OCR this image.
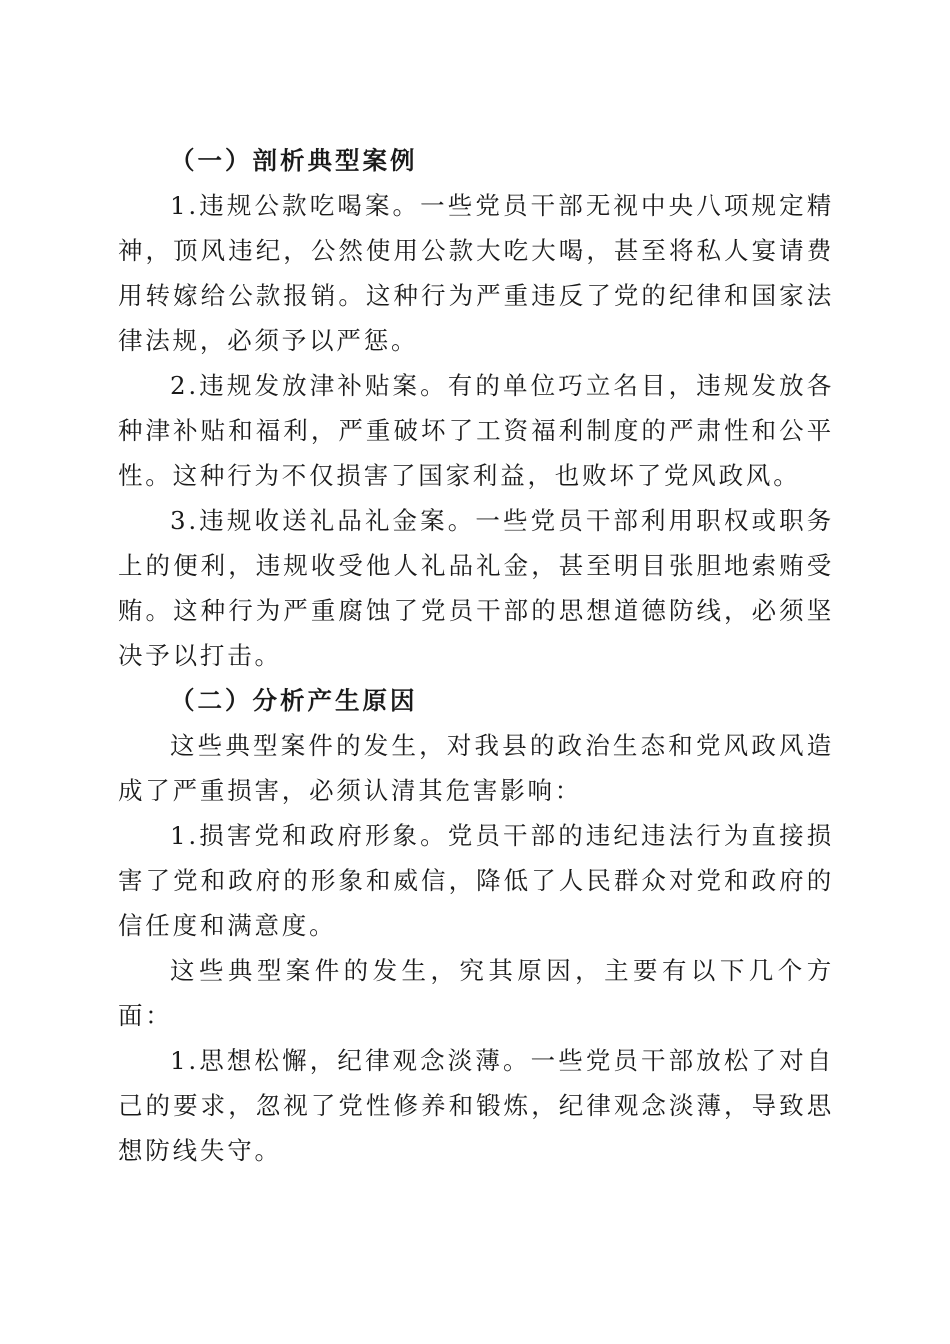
（一）剖析典型案例

1.违规公款吃喝案。一些党员干部无视中央八项规定精神，顶风违纪，公然使用公款大吃大喝，甚至将私人宴请费用转嫁给公款报销。这种行为严重违反了党的纪律和国家法律法规，必须予以严惩。

2.违规发放津补贴案。有的单位巧立名目，违规发放各种津补贴和福利，严重破坏了工资福利制度的严肃性和公平性。这种行为不仅损害了国家利益，也败坏了党风政风。

3.违规收送礼品礼金案。一些党员干部利用职权或职务上的便利，违规收受他人礼品礼金，甚至明目张胆地索贿受贿。这种行为严重腐蚀了党员干部的思想道德防线，必须坚决予以打击。

（二）分析产生原因

这些典型案件的发生，对我县的政治生态和党风政风造成了严重损害，必须认清其危害影响：

1.损害党和政府形象。党员干部的违纪违法行为直接损害了党和政府的形象和威信，降低了人民群众对党和政府的信任度和满意度。

这些典型案件的发生，究其原因，主要有以下几个方面：

1.思想松懈，纪律观念淡薄。一些党员干部放松了对自己的要求，忽视了党性修养和锻炼，纪律观念淡薄，导致思想防线失守。
